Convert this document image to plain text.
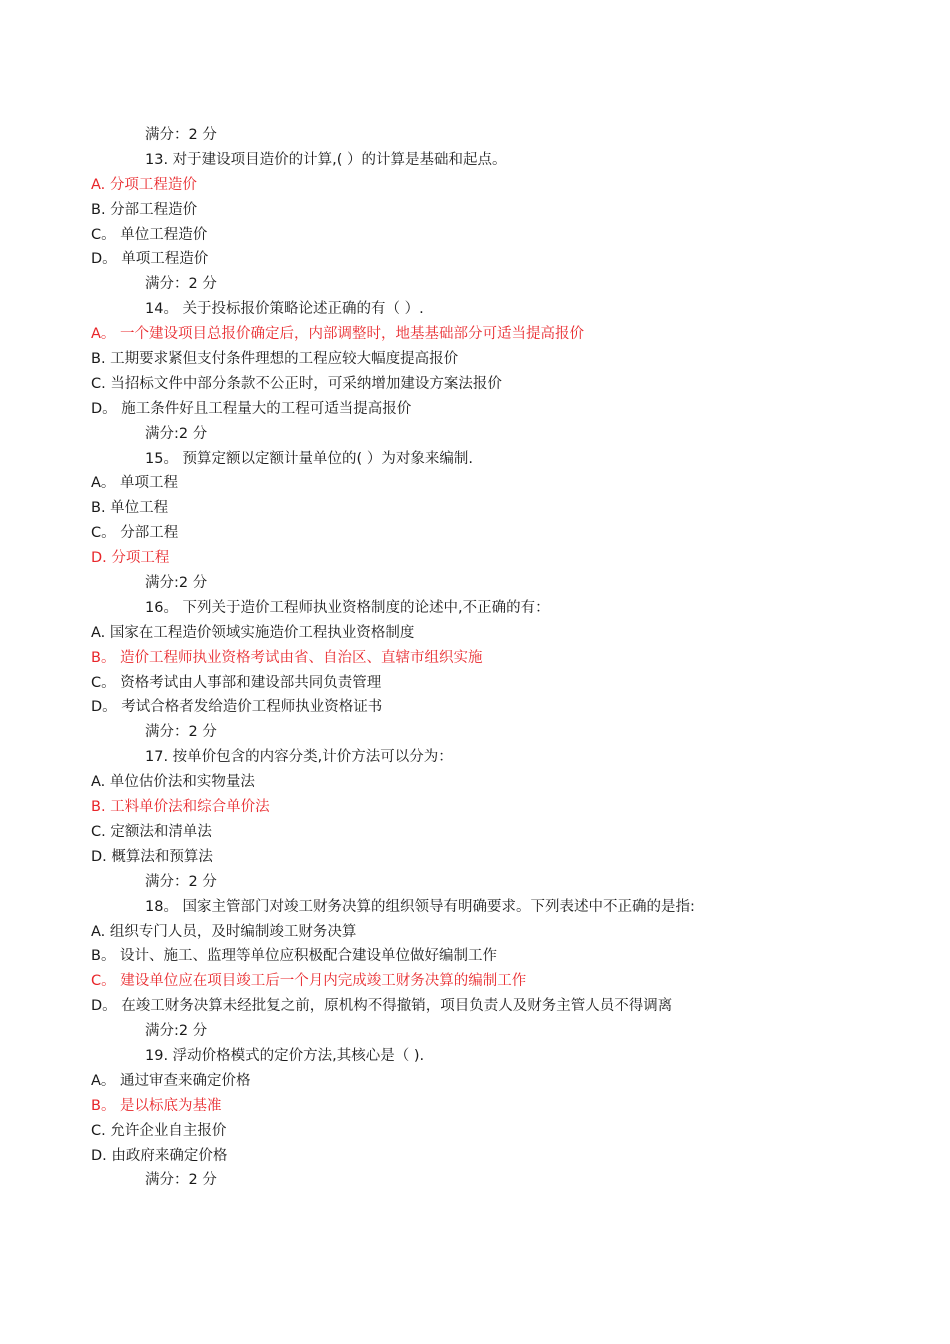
满分：2 分
13. 对于建设项目造价的计算,( ）的计算是基础和起点。
A. 分项工程造价
B. 分部工程造价
C。 单位工程造价
D。 单项工程造价
满分：2 分
14。 关于投标报价策略论述正确的有（ ）.
A。 一个建设项目总报价确定后，内部调整时，地基基础部分可适当提高报价
B. 工期要求紧但支付条件理想的工程应较大幅度提高报价
C. 当招标文件中部分条款不公正时，可采纳增加建设方案法报价
D。 施工条件好且工程量大的工程可适当提高报价
满分:2 分
15。 预算定额以定额计量单位的( ）为对象来编制.
A。 单项工程
B. 单位工程
C。 分部工程
D. 分项工程
满分:2 分
16。 下列关于造价工程师执业资格制度的论述中,不正确的有：
A. 国家在工程造价领域实施造价工程执业资格制度
B。 造价工程师执业资格考试由省、自治区、直辖市组织实施
C。 资格考试由人事部和建设部共同负责管理
D。 考试合格者发给造价工程师执业资格证书
满分：2 分
17. 按单价包含的内容分类,计价方法可以分为：
A. 单位估价法和实物量法
B. 工料单价法和综合单价法
C. 定额法和清单法
D. 概算法和预算法
满分：2 分
18。 国家主管部门对竣工财务决算的组织领导有明确要求。下列表述中不正确的是指:
A. 组织专门人员，及时编制竣工财务决算
B。 设计、施工、监理等单位应积极配合建设单位做好编制工作
C。 建设单位应在项目竣工后一个月内完成竣工财务决算的编制工作
D。 在竣工财务决算未经批复之前，原机构不得撤销，项目负责人及财务主管人员不得调离
满分:2 分
19. 浮动价格模式的定价方法,其核心是（ ).
A。 通过审查来确定价格
B。 是以标底为基准
C. 允许企业自主报价
D. 由政府来确定价格
满分：2 分
